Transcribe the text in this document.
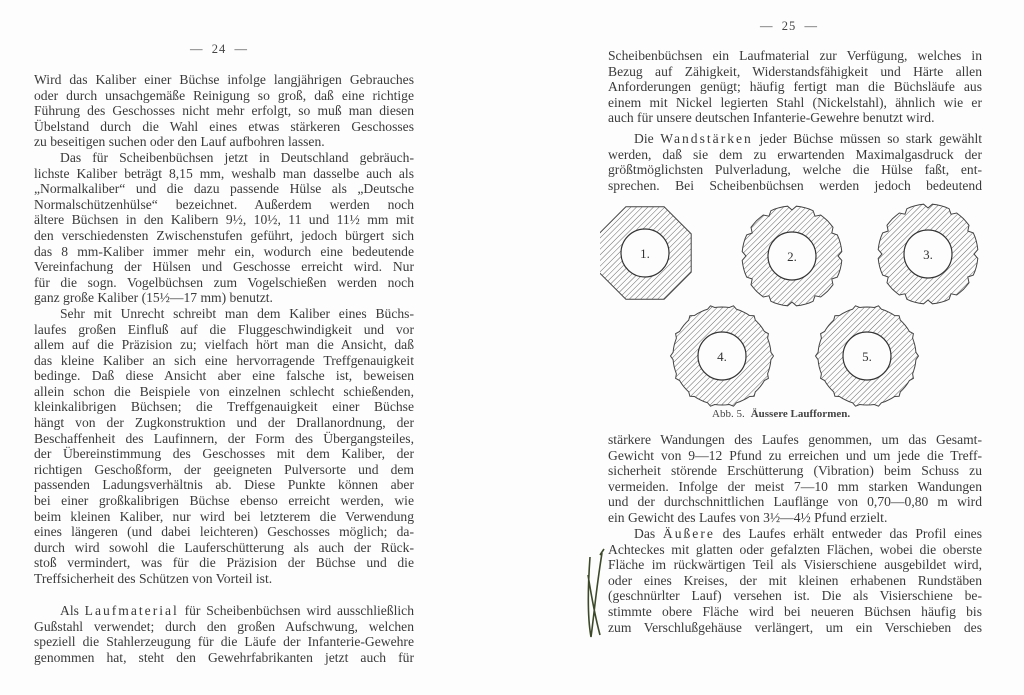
—  24  —
Wird das Kaliber einer Büchse infolge langjährigen Gebrauches
oder durch unsachgemäße Reinigung so groß, daß eine richtige
Führung des Geschosses nicht mehr erfolgt, so muß man diesen
Übelstand durch die Wahl eines etwas stärkeren Geschosses
zu beseitigen suchen oder den Lauf aufbohren lassen.
Das für Scheibenbüchsen jetzt in Deutschland gebräuch-
lichste Kaliber beträgt 8,15 mm, weshalb man dasselbe auch als
„Normalkaliber“ und die dazu passende Hülse als „Deutsche
Normalschützenhülse“ bezeichnet. Außerdem werden noch
ältere Büchsen in den Kalibern 9½, 10½, 11 und 11½ mm mit
den verschiedensten Zwischenstufen geführt, jedoch bürgert sich
das 8 mm-Kaliber immer mehr ein, wodurch eine bedeutende
Vereinfachung der Hülsen und Geschosse erreicht wird. Nur
für die sogn. Vogelbüchsen zum Vogelschießen werden noch
ganz große Kaliber (15½—17 mm) benutzt.
Sehr mit Unrecht schreibt man dem Kaliber eines Büchs-
laufes großen Einfluß auf die Fluggeschwindigkeit und vor
allem auf die Präzision zu; vielfach hört man die Ansicht, daß
das kleine Kaliber an sich eine hervorragende Treffgenauigkeit
bedinge. Daß diese Ansicht aber eine falsche ist, beweisen
allein schon die Beispiele von einzelnen schlecht schießenden,
kleinkalibrigen Büchsen; die Treffgenauigkeit einer Büchse
hängt von der Zugkonstruktion und der Drallanordnung, der
Beschaffenheit des Laufinnern, der Form des Übergangsteiles,
der Übereinstimmung des Geschosses mit dem Kaliber, der
richtigen Geschoßform, der geeigneten Pulversorte und dem
passenden Ladungsverhältnis ab. Diese Punkte können aber
bei einer großkalibrigen Büchse ebenso erreicht werden, wie
beim kleinen Kaliber, nur wird bei letzterem die Verwendung
eines längeren (und dabei leichteren) Geschosses möglich; da-
durch wird sowohl die Lauferschütterung als auch der Rück-
stoß vermindert, was für die Präzision der Büchse und die
Treffsicherheit des Schützen von Vorteil ist.
Als Laufmaterial für Scheibenbüchsen wird ausschließlich
Gußstahl verwendet; durch den großen Aufschwung, welchen
speziell die Stahlerzeugung für die Läufe der Infanterie-Gewehre
genommen hat, steht den Gewehrfabrikanten jetzt auch für
—  25  —
Scheibenbüchsen ein Laufmaterial zur Verfügung, welches in
Bezug auf Zähigkeit, Widerstandsfähigkeit und Härte allen
Anforderungen genügt; häufig fertigt man die Büchsläufe aus
einem mit Nickel legierten Stahl (Nickelstahl), ähnlich wie er
auch für unsere deutschen Infanterie-Gewehre benutzt wird.
Die Wandstärken jeder Büchse müssen so stark gewählt
werden, daß sie dem zu erwartenden Maximalgasdruck der
größtmöglichsten Pulverladung, welche die Hülse faßt, ent-
sprechen. Bei Scheibenbüchsen werden jedoch bedeutend
stärkere Wandungen des Laufes genommen, um das Gesamt-
Gewicht von 9—12 Pfund zu erreichen und um jede die Treff-
sicherheit störende Erschütterung (Vibration) beim Schuss zu
vermeiden. Infolge der meist 7—10 mm starken Wandungen
und der durchschnittlichen Lauflänge von 0,70—0,80 m wird
ein Gewicht des Laufes von 3½—4½ Pfund erzielt.
Das Äußere des Laufes erhält entweder das Profil eines
Achteckes mit glatten oder gefalzten Flächen, wobei die oberste
Fläche im rückwärtigen Teil als Visierschiene ausgebildet wird,
oder eines Kreises, der mit kleinen erhabenen Rundstäben
(geschnürlter Lauf) versehen ist. Die als Visierschiene be-
stimmte obere Fläche wird bei neueren Büchsen häufig bis
zum Verschlußgehäuse verlängert, um ein Verschieben des
1.	2.	3.
4.	5.
Abb. 5. Äussere Laufformen.
